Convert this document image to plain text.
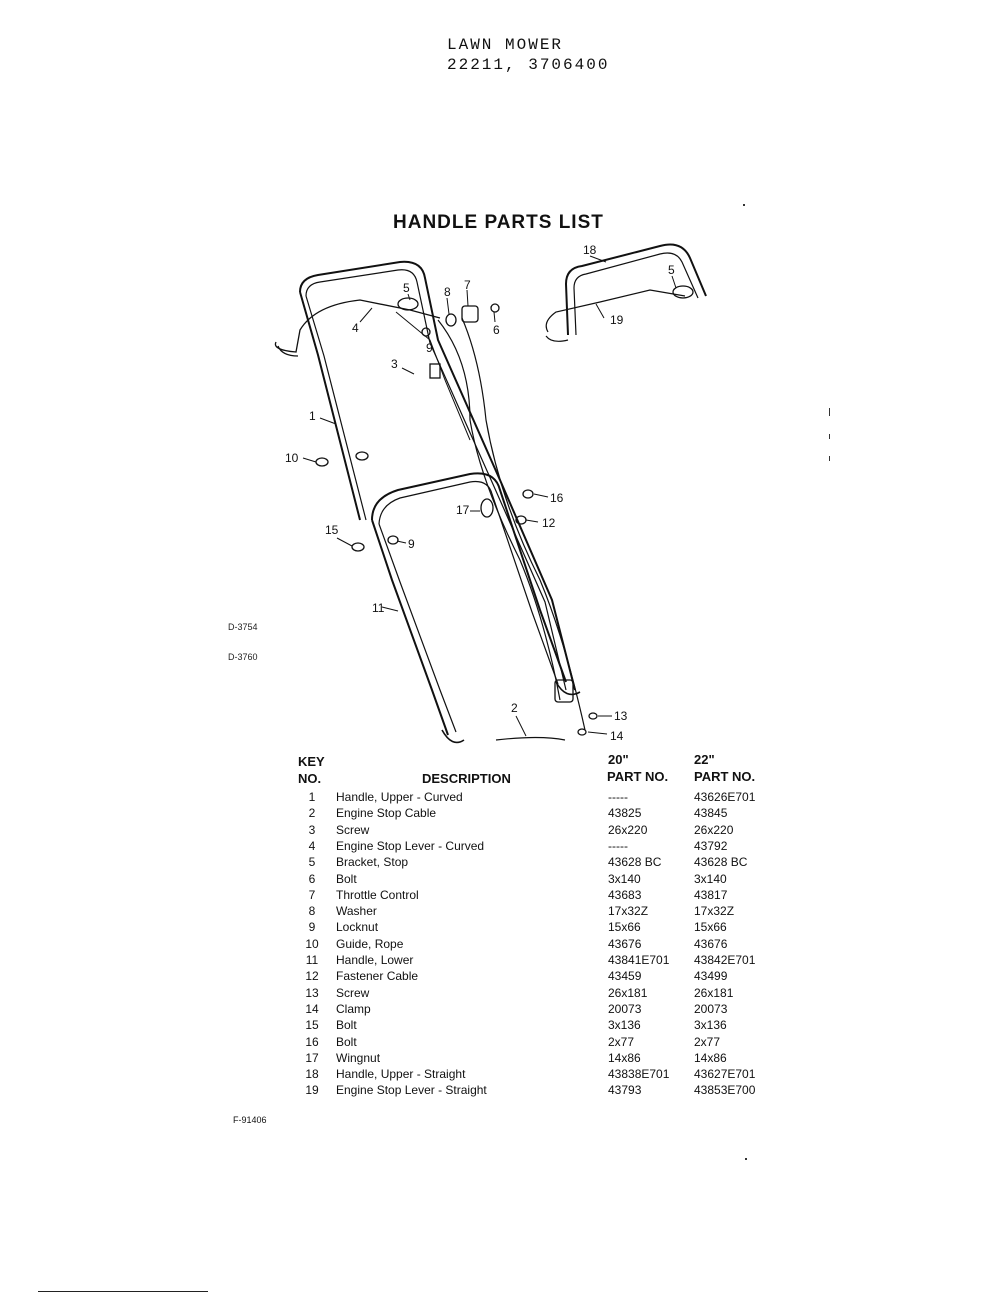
LAWN MOWER
22211, 3706400
HANDLE PARTS LIST
18
5
19
5	8 7
6
4
9
3
1
10
16
17
12
15
9
11
2
13
14
D-3754
D-3760
KEY
NO.	DESCRIPTION
20"	22"
PART NO. PART NO.
1	Handle, Upper - Curved	-----	43626E701
2	Engine Stop Cable	43825	43845
3	Screw	26x220	26x220
4	Engine Stop Lever - Curved	-----	43792
5	Bracket, Stop	43628 BC	43628 BC
6	Bolt	3x140	3x140
7	Throttle Control	43683	43817
8	Washer	17x32Z	17x32Z
9	Locknut	15x66	15x66
10 Guide, Rope	43676	43676
11	Handle, Lower	43841E701 43842E701
12 Fastener Cable	43459	43499
13 Screw	26x181	26x181
14 Clamp	20073	20073
15 Bolt	3x136	3x136
16 Bolt	2x77	2x77
17 Wingnut	14x86	14x86
18 Handle, Upper - Straight	43838E701 43627E701
19 Engine Stop Lever - Straight	43793	43853E700
F-91406
